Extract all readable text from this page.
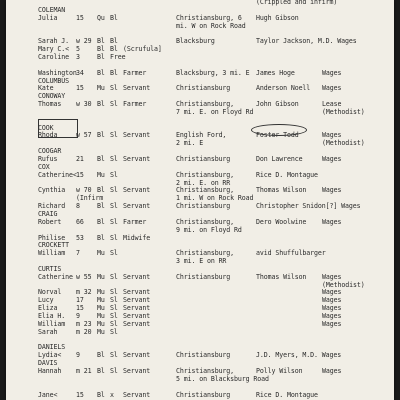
(Crippled and infirm)
COLEMAN
Julia	15 Qu Bl	Christiansburg, 6 Hugh Gibson
mi. W on Rock Road
Sarah J. w 29 Bl Bl	Blacksburg	Taylor Jackson, M.D. Wages
Mary C.< 5	Bl Bl (Scrufula]
Caroline 3	Bl Free
Washington 34 Bl Bl Farmer	Blacksburg, 3 mi. E James Hoge	Wages
COLUMBUS
Kate	15 Mu Sl Servant	Christiansburg	Anderson Noell Wages
CONOWAY
Thomas w 30 Bl Sl Farmer	Christiansburg,	John Gibson	Lease
7 mi. E. on Floyd Rd	(Methodist)
COOK
Rhoda	w 57 Bl Sl Servant	English Ford,	Foster Todd	Wages
2 mi. E	(Methodist)
COOGAR
Rufus	21 Bl Sl Servant	Christiansburg	Don Lawrence	Wages
COX
Catherine< 15 Mu Sl	Christiansburg,	Rice D. Montague
2 mi. E. on RR
Cynthia w 70 Bl Sl Servant	Christiansburg,	Thomas Wilson Wages
(Infirm	1 mi. W on Rock Road
Richard 8	Bl Sl Servant	Christiansburg	Christopher Snidon[?] Wages
CRAIG
Robert 66 Bl Sl Farmer	Christiansburg,	Dero Woolwine Wages
9 mi. on Floyd Rd
Philise 53 Bl Sl Midwife
CROCKETT
William 7	Mu Sl	Christiansburg,	avid Shuffulbarger
3 mi. E on RR
CURTIS
Catherine w 55 Mu Sl Servant	Christiansburg	Thomas Wilson Wages
(Methodist)
Norval m 32 Mu Sl Servant	Wages
Lucy	17 Mu Sl Servant	Wages
Eliza	15 Mu Sl Servant	Wages
Elia H. 9	Mu Sl Servant	Wages
William m 23 Mu Sl Servant	Wages
Sarah	m 20 Mu Sl
DANIELS
Lydia< 9	Bl Sl Servant	Christiansburg	J.D. Myers, M.D. Wages
DAVIS
Hannah m 21 Bl Sl Servant	Christiansburg,	Polly Wilson	Wages
5 mi. on Blacksburg Road
Jane<	15 Bl x Servant	Christiansburg	Rice D. Montague
